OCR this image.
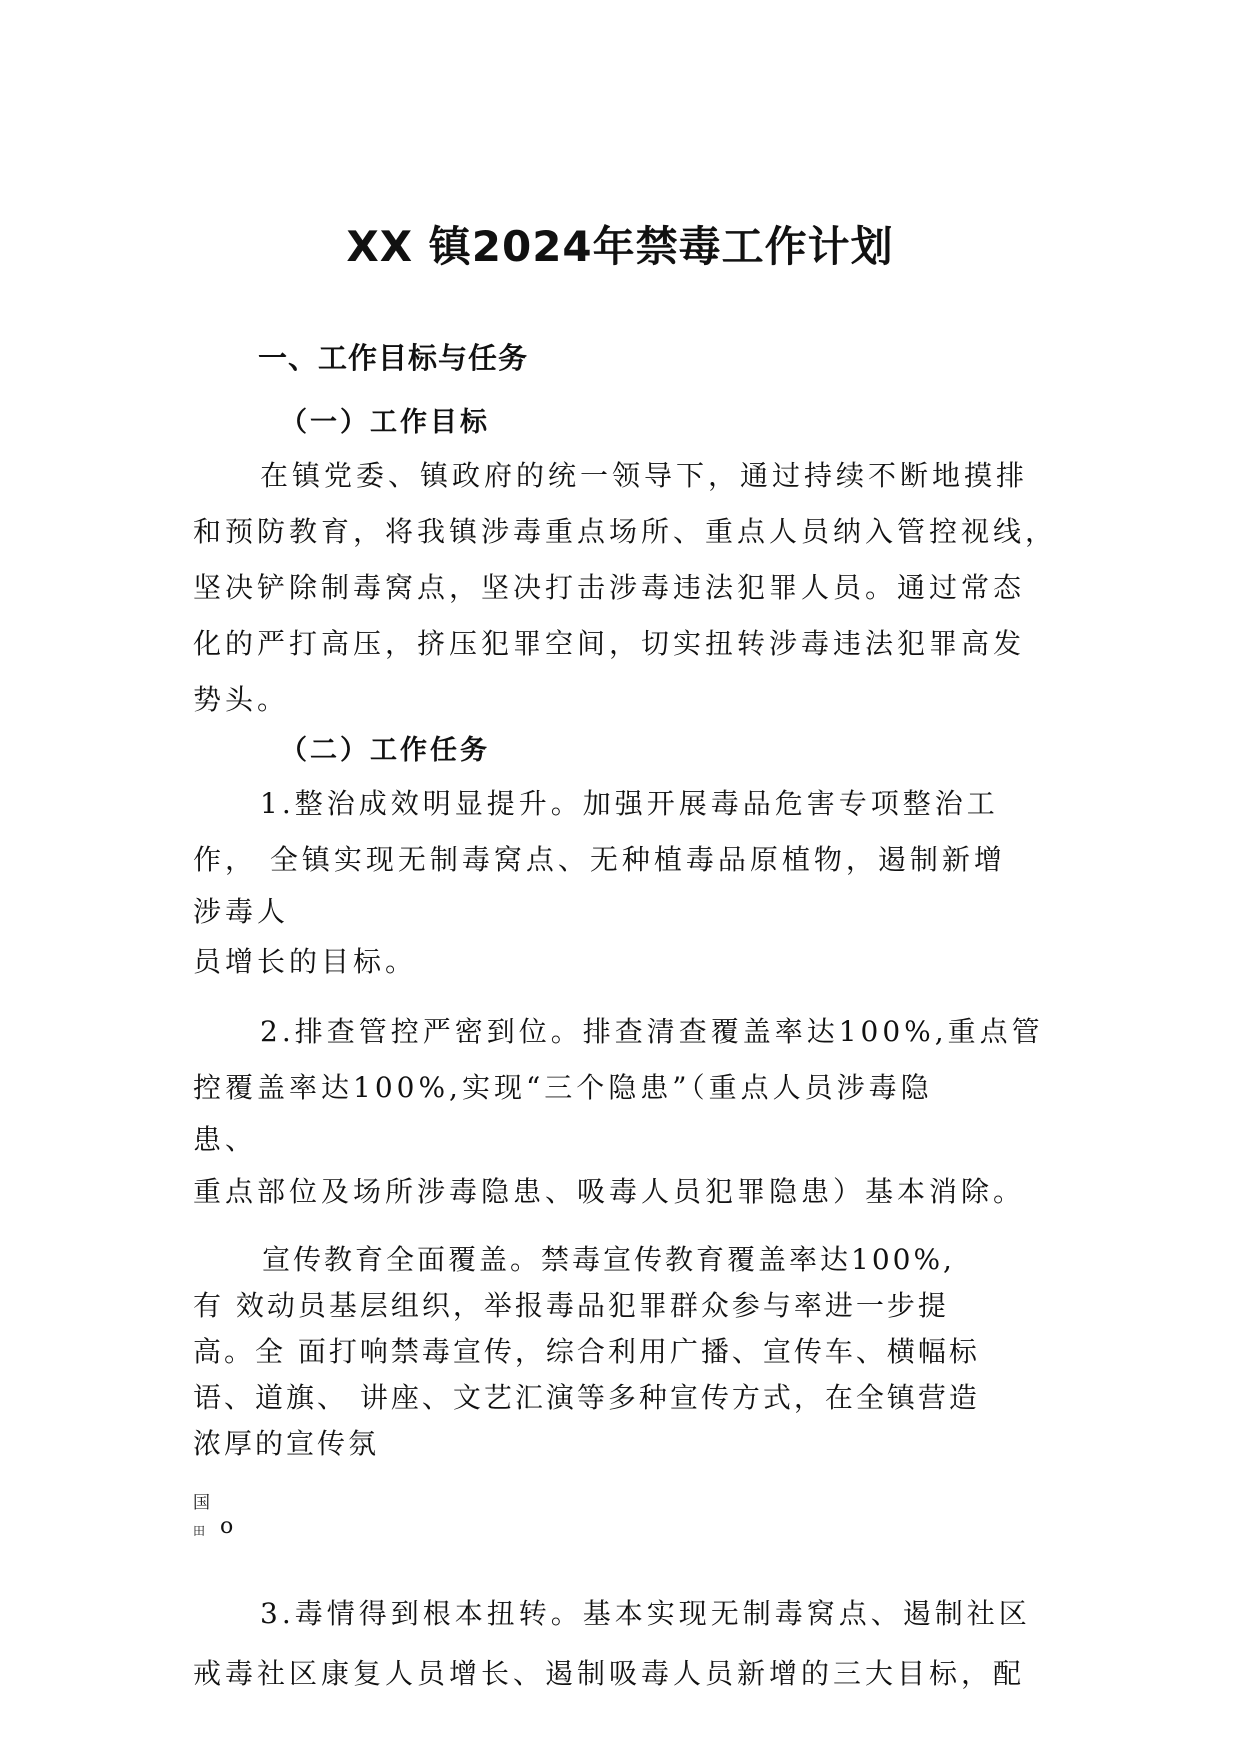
XX 镇2024年禁毒工作计划
一、工作目标与任务
（一）工作目标
在镇党委、镇政府的统一领导下，通过持续不断地摸排
和预防教育，将我镇涉毒重点场所、重点人员纳入管控视线，
坚决铲除制毒窝点，坚决打击涉毒违法犯罪人员。通过常态
化的严打高压，挤压犯罪空间，切实扭转涉毒违法犯罪高发
势头。
（二）工作任务
1.整治成效明显提升。加强开展毒品危害专项整治工
作， 全镇实现无制毒窝点、无种植毒品原植物，遏制新增
涉毒人
员增长的目标。
2.排查管控严密到位。排查清查覆盖率达100%,重点管
控覆盖率达100%,实现“三个隐患”（重点人员涉毒隐
患、
重点部位及场所涉毒隐患、吸毒人员犯罪隐患）基本消除。
宣传教育全面覆盖。禁毒宣传教育覆盖率达100%,
有 效动员基层组织，举报毒品犯罪群众参与率进一步提
高。全 面打响禁毒宣传，综合利用广播、宣传车、横幅标
语、道旗、 讲座、文艺汇演等多种宣传方式，在全镇营造
浓厚的宣传氛
国
田 o
3.毒情得到根本扭转。基本实现无制毒窝点、遏制社区
戒毒社区康复人员增长、遏制吸毒人员新增的三大目标，配
